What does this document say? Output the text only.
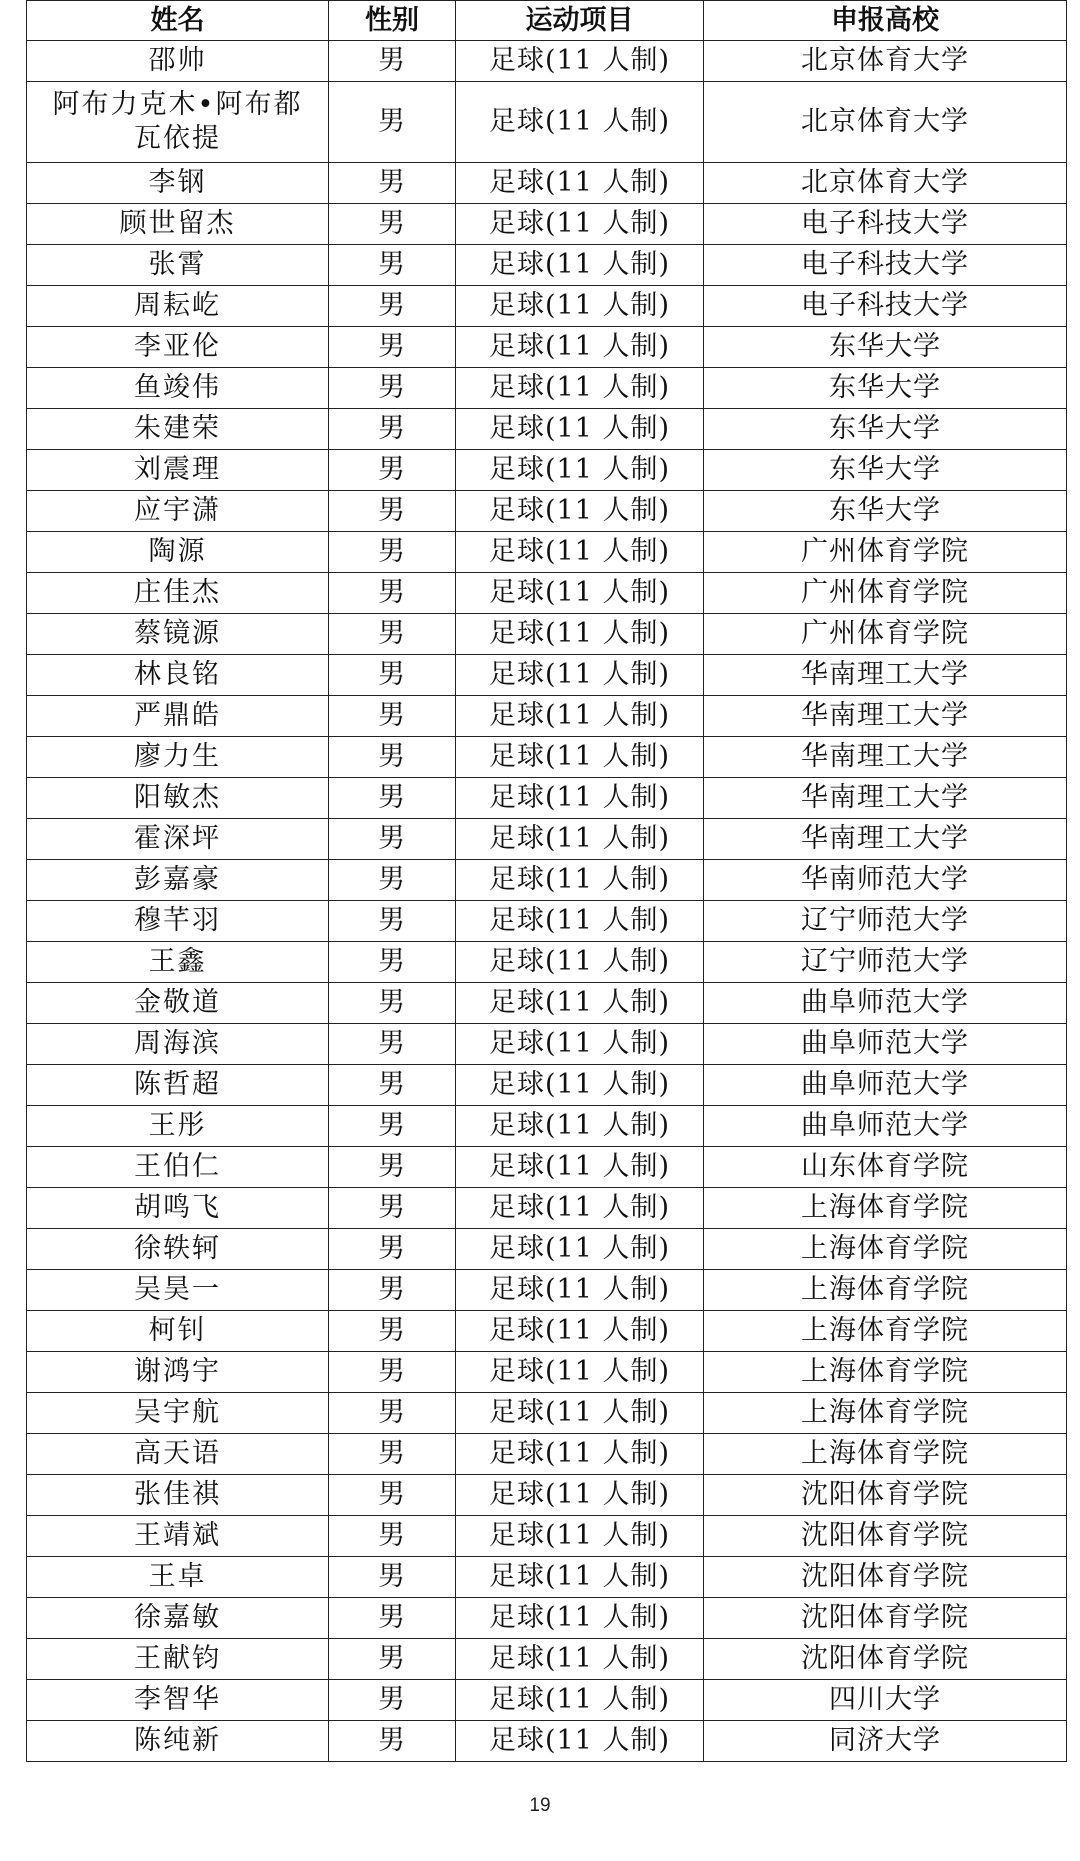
姓名	性别	运动项目	申报高校
邵帅	男	足球(11 人制)	北京体育大学
阿布力克木•阿布都瓦依提	男	足球(11 人制)	北京体育大学
李钢	男	足球(11 人制)	北京体育大学
顾世留杰	男	足球(11 人制)	电子科技大学
张霄	男	足球(11 人制)	电子科技大学
周耘屹	男	足球(11 人制)	电子科技大学
李亚伦	男	足球(11 人制)	东华大学
鱼竣伟	男	足球(11 人制)	东华大学
朱建荣	男	足球(11 人制)	东华大学
刘震理	男	足球(11 人制)	东华大学
应宇潇	男	足球(11 人制)	东华大学
陶源	男	足球(11 人制)	广州体育学院
庄佳杰	男	足球(11 人制)	广州体育学院
蔡镜源	男	足球(11 人制)	广州体育学院
林良铭	男	足球(11 人制)	华南理工大学
严鼎皓	男	足球(11 人制)	华南理工大学
廖力生	男	足球(11 人制)	华南理工大学
阳敏杰	男	足球(11 人制)	华南理工大学
霍深坪	男	足球(11 人制)	华南理工大学
彭嘉豪	男	足球(11 人制)	华南师范大学
穆芊羽	男	足球(11 人制)	辽宁师范大学
王鑫	男	足球(11 人制)	辽宁师范大学
金敬道	男	足球(11 人制)	曲阜师范大学
周海滨	男	足球(11 人制)	曲阜师范大学
陈哲超	男	足球(11 人制)	曲阜师范大学
王彤	男	足球(11 人制)	曲阜师范大学
王伯仁	男	足球(11 人制)	山东体育学院
胡鸣飞	男	足球(11 人制)	上海体育学院
徐轶轲	男	足球(11 人制)	上海体育学院
吴昊一	男	足球(11 人制)	上海体育学院
柯钊	男	足球(11 人制)	上海体育学院
谢鸿宇	男	足球(11 人制)	上海体育学院
吴宇航	男	足球(11 人制)	上海体育学院
高天语	男	足球(11 人制)	上海体育学院
张佳祺	男	足球(11 人制)	沈阳体育学院
王靖斌	男	足球(11 人制)	沈阳体育学院
王卓	男	足球(11 人制)	沈阳体育学院
徐嘉敏	男	足球(11 人制)	沈阳体育学院
王献钧	男	足球(11 人制)	沈阳体育学院
李智华	男	足球(11 人制)	四川大学
陈纯新	男	足球(11 人制)	同济大学
19
